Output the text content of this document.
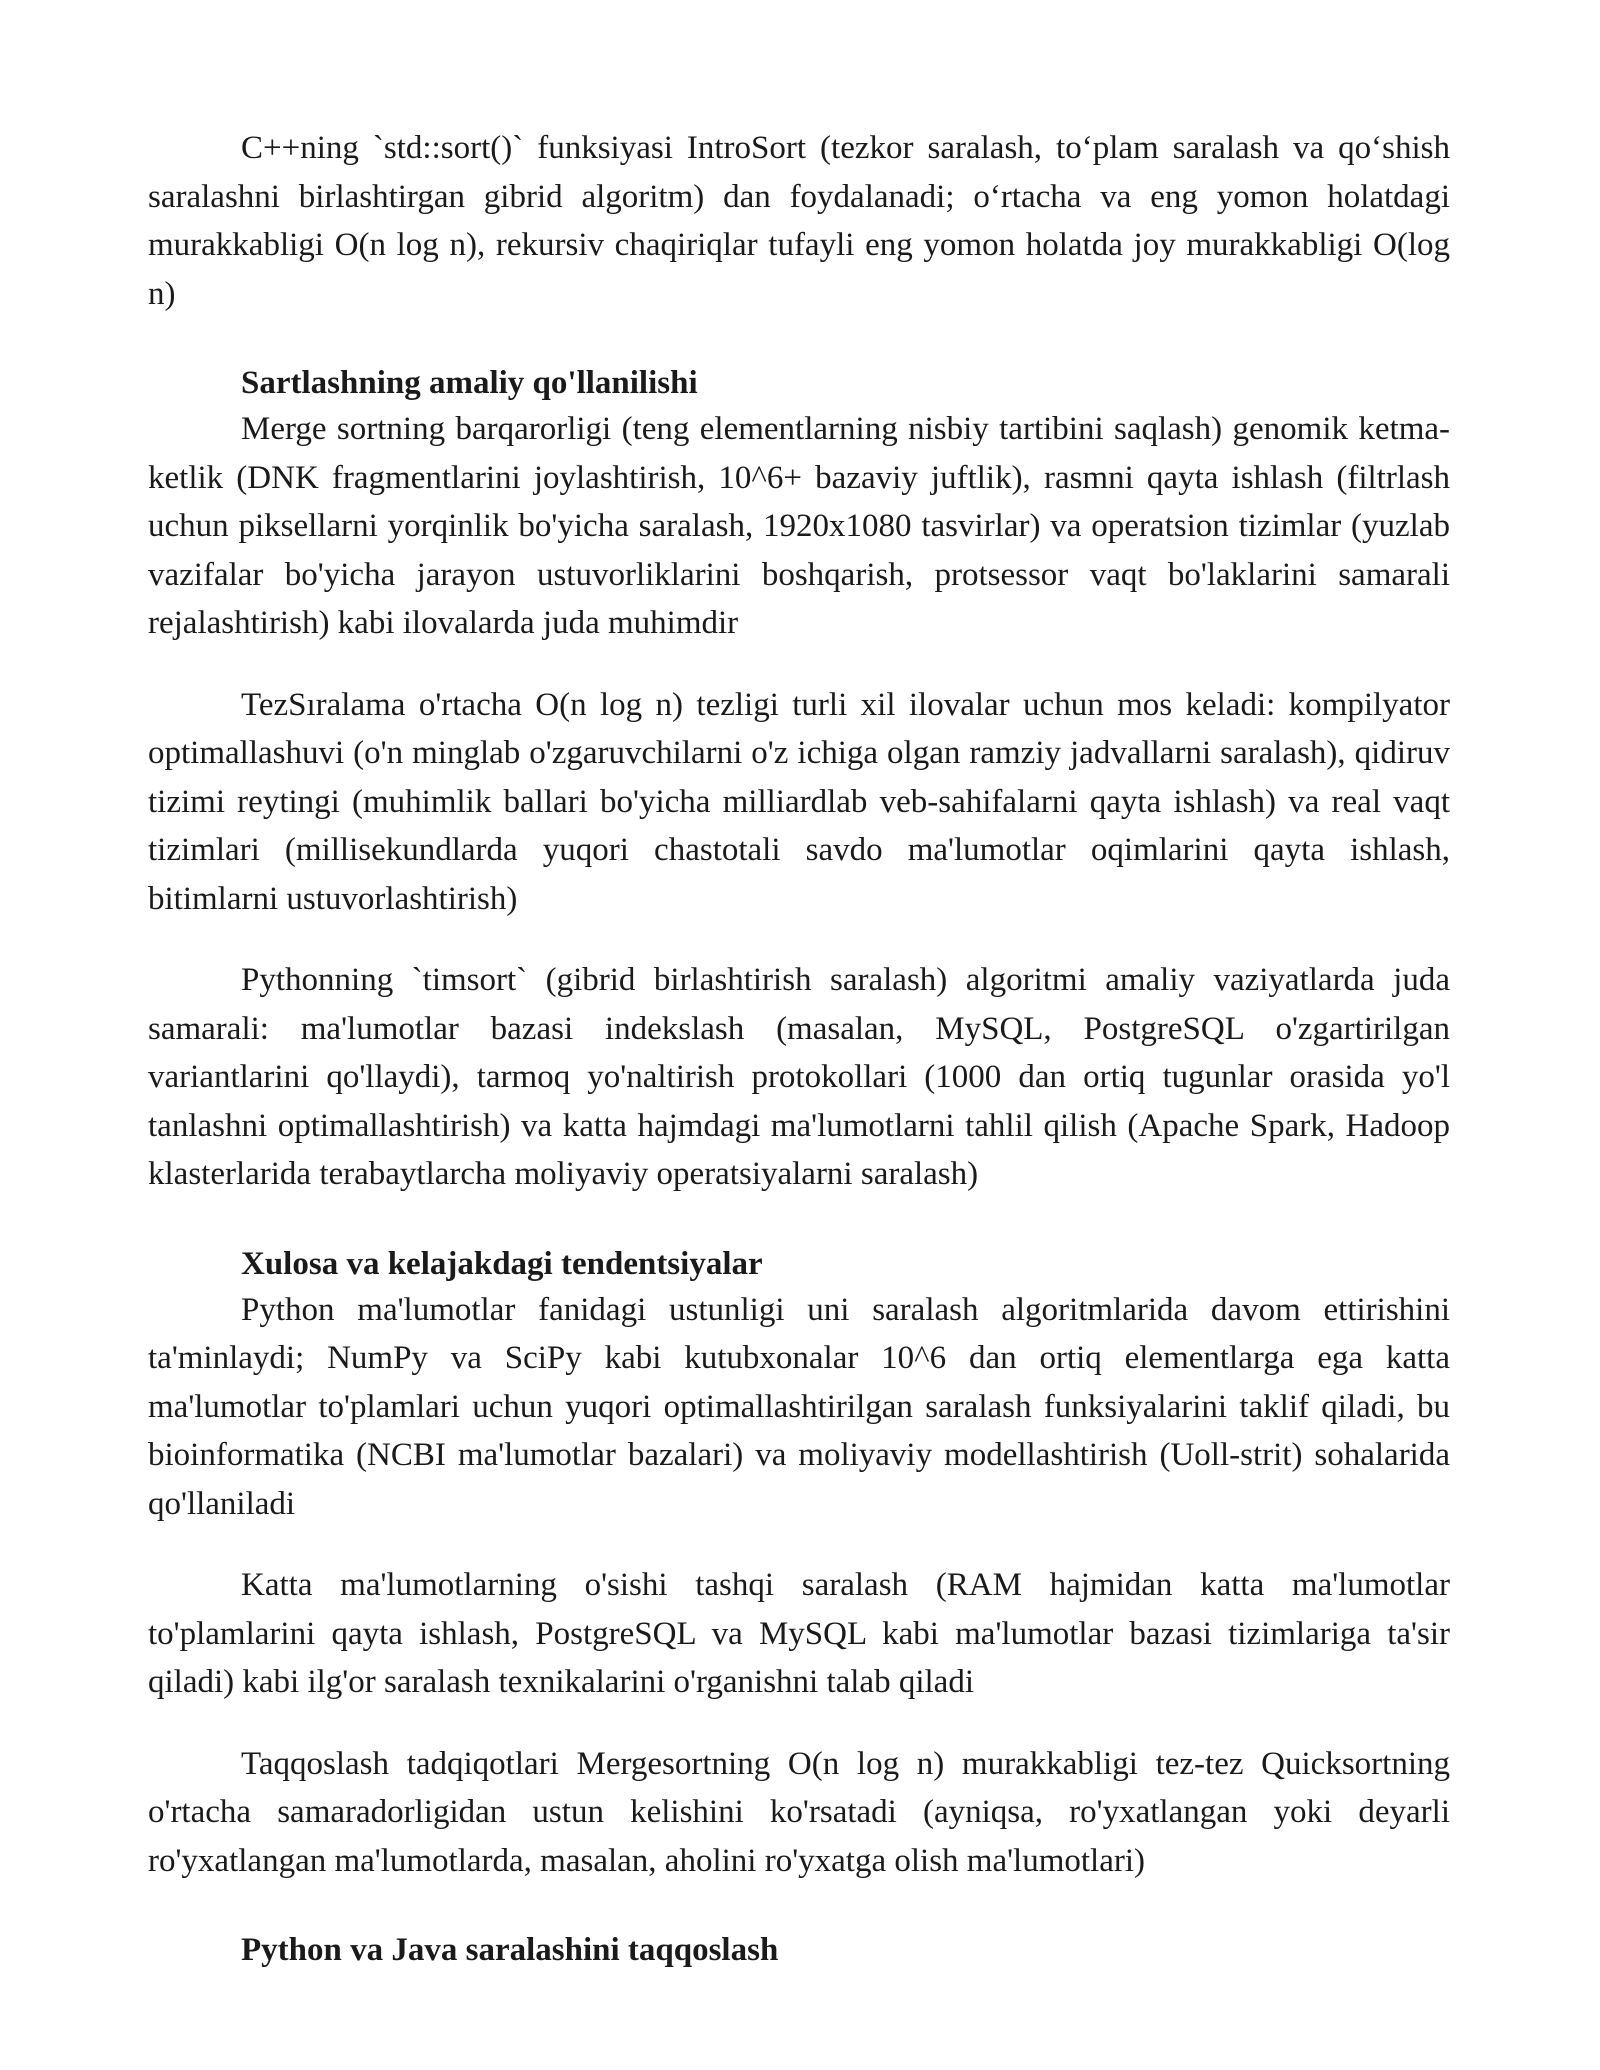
C++ning `std::sort()` funksiyasi IntroSort (tezkor saralash, to‘plam saralash va qo‘shish saralashni birlashtirgan gibrid algoritm) dan foydalanadi; o‘rtacha va eng yomon holatdagi murakkabligi O(n log n), rekursiv chaqiriqlar tufayli eng yomon holatda joy murakkabligi O(log n)

Sartlashning amaliy qo'llanilishi

Merge sortning barqarorligi (teng elementlarning nisbiy tartibini saqlash) genomik ketma-ketlik (DNK fragmentlarini joylashtirish, 10^6+ bazaviy juftlik), rasmni qayta ishlash (filtrlash uchun piksellarni yorqinlik bo'yicha saralash, 1920x1080 tasvirlar) va operatsion tizimlar (yuzlab vazifalar bo'yicha jarayon ustuvorliklarini boshqarish, protsessor vaqt bo'laklarini samarali rejalashtirish) kabi ilovalarda juda muhimdir

TezSıralama o'rtacha O(n log n) tezligi turli xil ilovalar uchun mos keladi: kompilyator optimallashuvi (o'n minglab o'zgaruvchilarni o'z ichiga olgan ramziy jadvallarni saralash), qidiruv tizimi reytingi (muhimlik ballari bo'yicha milliardlab veb-sahifalarni qayta ishlash) va real vaqt tizimlari (millisekundlarda yuqori chastotali savdo ma'lumotlar oqimlarini qayta ishlash, bitimlarni ustuvorlashtirish)

Pythonning `timsort` (gibrid birlashtirish saralash) algoritmi amaliy vaziyatlarda juda samarali: ma'lumotlar bazasi indekslash (masalan, MySQL, PostgreSQL o'zgartirilgan variantlarini qo'llaydi), tarmoq yo'naltirish protokollari (1000 dan ortiq tugunlar orasida yo'l tanlashni optimallashtirish) va katta hajmdagi ma'lumotlarni tahlil qilish (Apache Spark, Hadoop klasterlarida terabaytlarcha moliyaviy operatsiyalarni saralash)

Xulosa va kelajakdagi tendentsiyalar

Python ma'lumotlar fanidagi ustunligi uni saralash algoritmlarida davom ettirishini ta'minlaydi; NumPy va SciPy kabi kutubxonalar 10^6 dan ortiq elementlarga ega katta ma'lumotlar to'plamlari uchun yuqori optimallashtirilgan saralash funksiyalarini taklif qiladi, bu bioinformatika (NCBI ma'lumotlar bazalari) va moliyaviy modellashtirish (Uoll-strit) sohalarida qo'llaniladi

Katta ma'lumotlarning o'sishi tashqi saralash (RAM hajmidan katta ma'lumotlar to'plamlarini qayta ishlash, PostgreSQL va MySQL kabi ma'lumotlar bazasi tizimlariga ta'sir qiladi) kabi ilg'or saralash texnikalarini o'rganishni talab qiladi

Taqqoslash tadqiqotlari Mergesortning O(n log n) murakkabligi tez-tez Quicksortning o'rtacha samaradorligidan ustun kelishini ko'rsatadi (ayniqsa, ro'yxatlangan yoki deyarli ro'yxatlangan ma'lumotlarda, masalan, aholini ro'yxatga olish ma'lumotlari)

Python va Java saralashini taqqoslash
